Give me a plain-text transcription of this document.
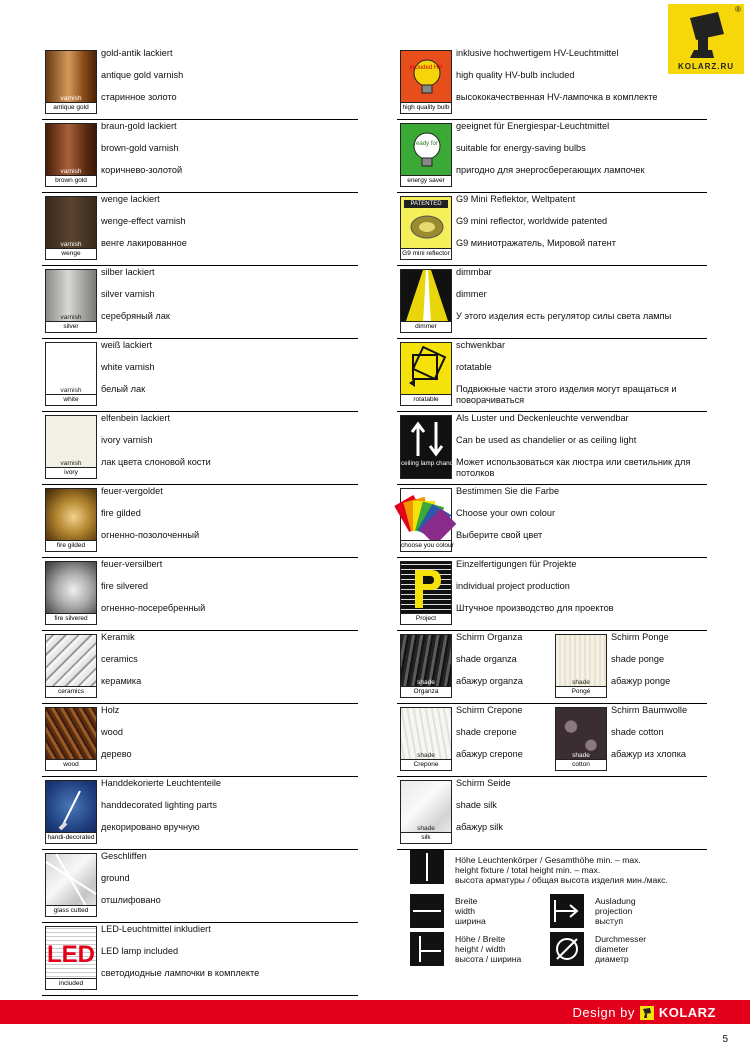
®
KOLARZ.RU
varnish
antique gold
gold-antik lackiert
antique gold varnish
старинное золото
varnish
brown gold
braun-gold lackiert
brown-gold varnish
коричнево-золотой
varnish
wenge
wenge lackiert
wenge-effect varnish
венге лакированное
varnish
silver
silber lackiert
silver varnish
серебряный лак
varnish
white
weiß lackiert
white varnish
белый лак
varnish
ivory
elfenbein lackiert
ivory varnish
лак цвета слоновой кости
fire gilded
feuer-vergoldet
fire gilded
огненно-позолоченный
fire silvered
feuer-versilbert
fire silvered
огненно-посеребренный
ceramics
Keramik
ceramics
керамика
wood
Holz
wood
дерево
handi-decorated
Handdekorierte Leuchtenteile
handdecorated lighting parts
декорировано вручную
glass cutted
Geschliffen
ground
отшлифовано
LED
included
LED-Leuchtmittel inkludiert
LED lamp included
светодиодные лампочки в комплекте
included HV
high quality bulb
inklusive hochwertigem HV-Leuchtmittel
high quality HV-bulb included
высококачественная HV-лампочка в комплекте
ready for
energy saver
geeignet für Energiespar-Leuchtmittel
suitable for energy-saving bulbs
пригодно для энергосберегающих лампочек
PATENTED
G9 mini reflector
G9 Mini Reflektor, Weltpatent
G9 mini reflector, worldwide patented
G9 миниотражатель, Мировой патент
dimmer
dimmbar
dimmer
У этого изделия есть регулятор силы света лампы
rotatable
schwenkbar
rotatable
Подвижные части этого изделия могут вращаться и поворачиваться
ceiling lamp chandelier
Als Luster und Deckenleuchte verwendbar
Can be used as chandelier or as ceiling light
Может использоваться как люстра или светильник для потолков
choose you colour
Bestimmen Sie die Farbe
Choose your own colour
Выберите свой цвет
Project
Einzelfertigungen für Projekte
individual project production
Штучное производство для проектов
shade
Organza
Schirm Organza
shade organza
абажур organza	shade
Pongé
Schirm Ponge
shade ponge
абажур ponge
shade
Crepone
Schirm Crepone
shade crepone
абажур crepone	shade
cotton
Schirm Baumwolle
shade cotton
абажур из хлопка
shade
silk
Schirm Seide
shade silk
абажур silk
Höhe Leuchtenkörper / Gesamthöhe min. – max.
height fixture / total height min. – max.
высота арматуры / общая высота изделия мин./макс.
Breite
width
ширина
Ausladung
projection
выступ
Höhe / Breite
height / width
высота / ширина
Durchmesser
diameter
диаметр
Design by KOLARZ
5
